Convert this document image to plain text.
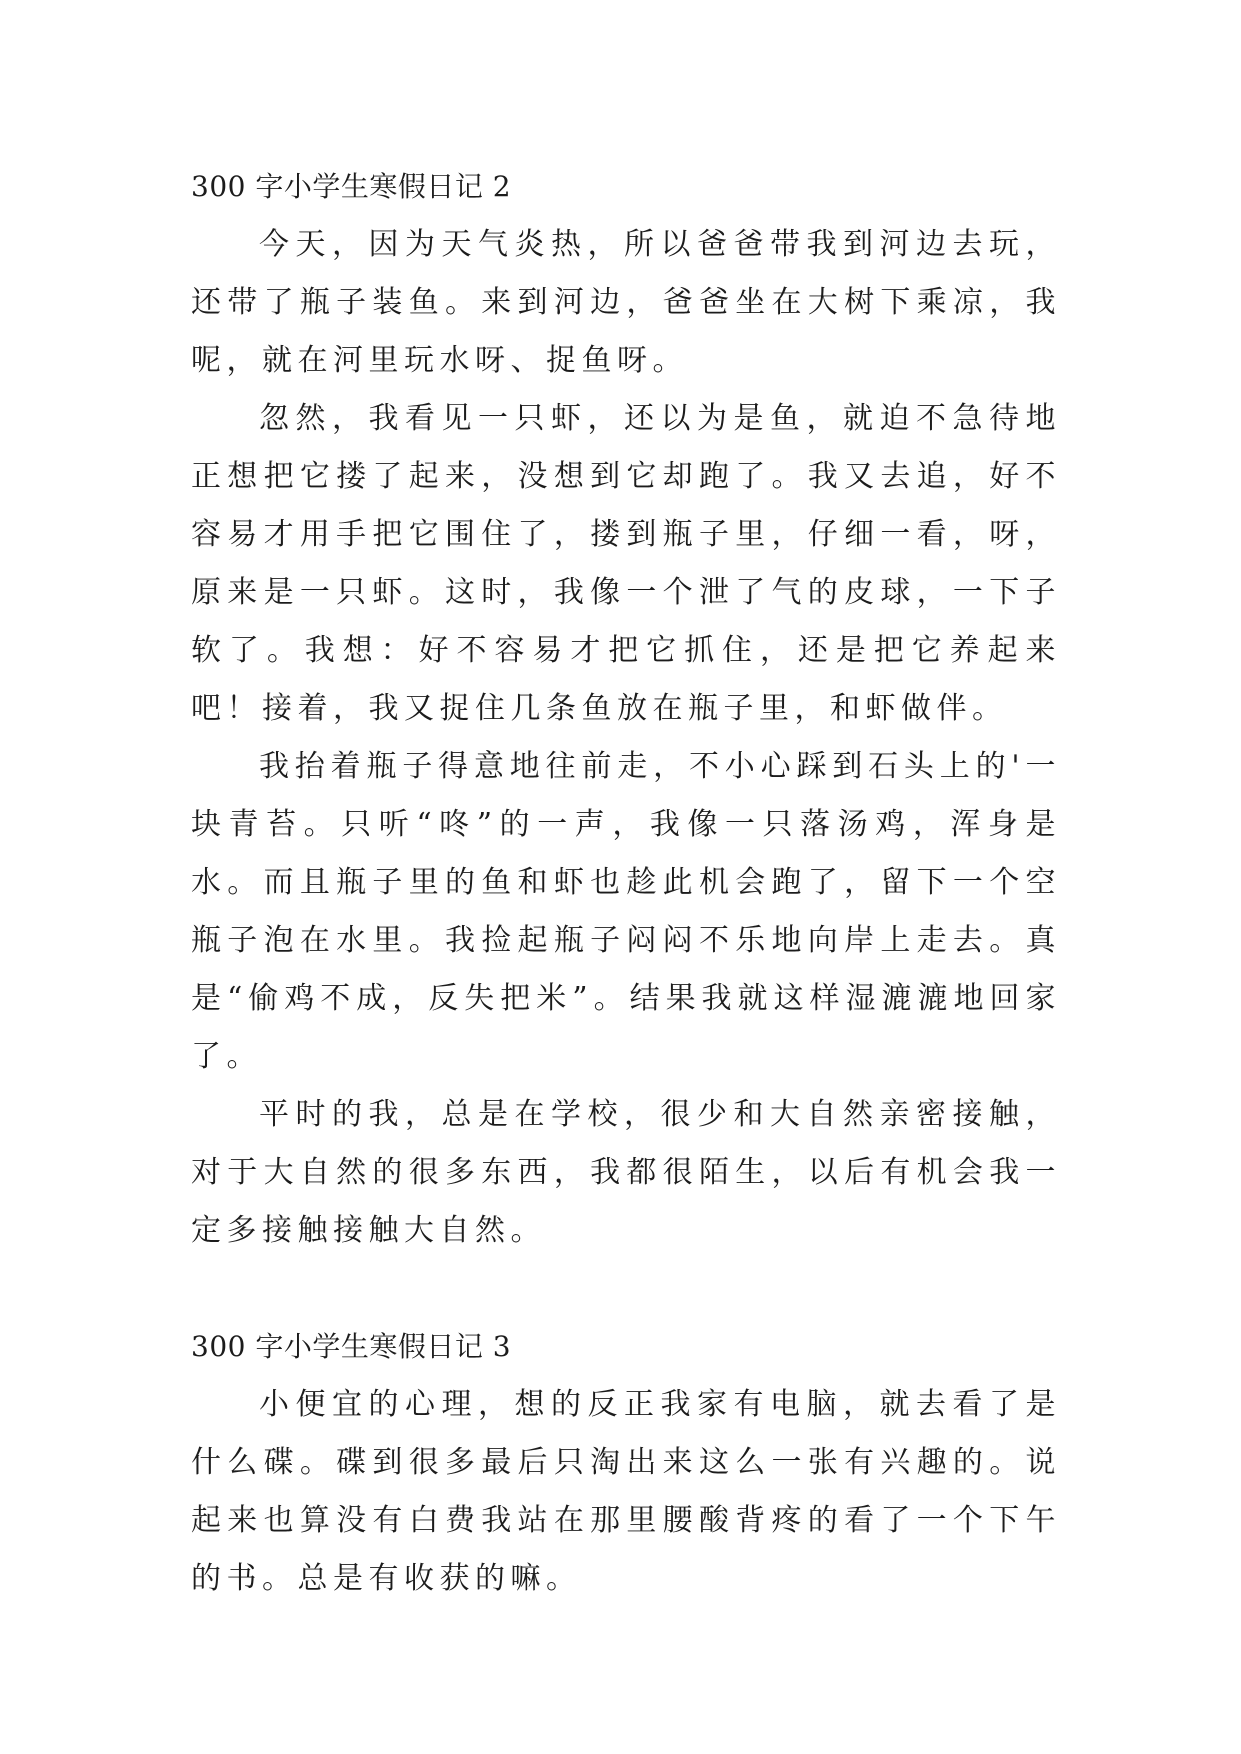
300 字小学生寒假日记 2

今天，因为天气炎热，所以爸爸带我到河边去玩，还带了瓶子装鱼。来到河边，爸爸坐在大树下乘凉，我呢，就在河里玩水呀、捉鱼呀。

忽然，我看见一只虾，还以为是鱼，就迫不急待地正想把它搂了起来，没想到它却跑了。我又去追，好不容易才用手把它围住了，搂到瓶子里，仔细一看，呀，原来是一只虾。这时，我像一个泄了气的皮球，一下子软了。我想：好不容易才把它抓住，还是把它养起来吧！接着，我又捉住几条鱼放在瓶子里，和虾做伴。

我抬着瓶子得意地往前走，不小心踩到石头上的'一块青苔。只听“咚”的一声，我像一只落汤鸡，浑身是水。而且瓶子里的鱼和虾也趁此机会跑了，留下一个空瓶子泡在水里。我捡起瓶子闷闷不乐地向岸上走去。真是“偷鸡不成，反失把米”。结果我就这样湿漉漉地回家了。

平时的我，总是在学校，很少和大自然亲密接触，对于大自然的很多东西，我都很陌生，以后有机会我一定多接触接触大自然。

300 字小学生寒假日记 3

小便宜的心理，想的反正我家有电脑，就去看了是什么碟。碟到很多最后只淘出来这么一张有兴趣的。说起来也算没有白费我站在那里腰酸背疼的看了一个下午的书。总是有收获的嘛。
